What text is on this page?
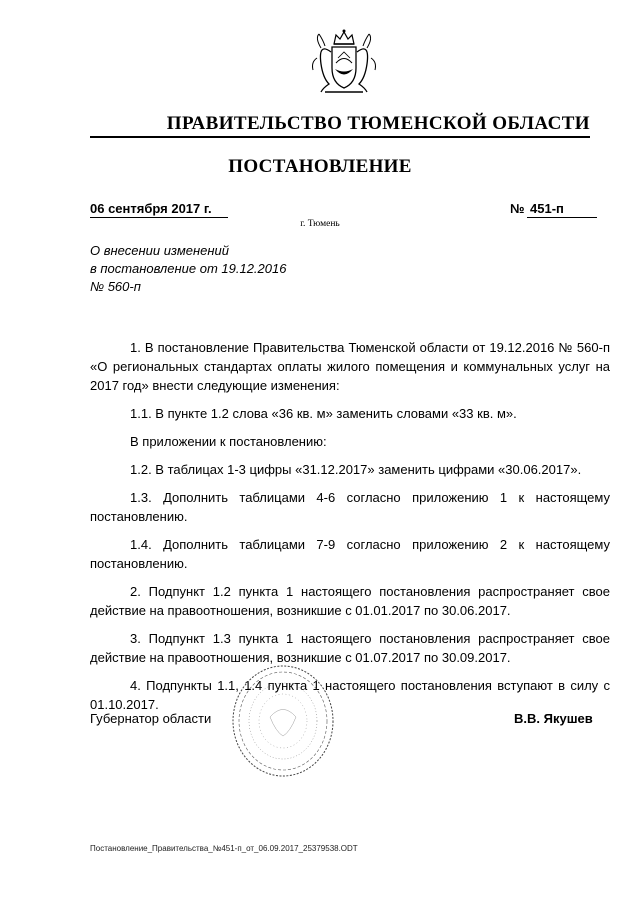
ПРАВИТЕЛЬСТВО ТЮМЕНСКОЙ ОБЛАСТИ
ПОСТАНОВЛЕНИЕ
06 сентября 2017 г.	№ 451-п
г. Тюмень
О внесении изменений
в постановление от 19.12.2016
№ 560-п

1. В постановление Правительства Тюменской области от 19.12.2016 № 560-п «О региональных стандартах оплаты жилого помещения и коммунальных услуг на 2017 год» внести следующие изменения:

1.1. В пункте 1.2 слова «36 кв. м» заменить словами «33 кв. м».

В приложении к постановлению:

1.2. В таблицах 1-3 цифры «31.12.2017» заменить цифрами «30.06.2017».

1.3. Дополнить таблицами 4-6 согласно приложению 1 к настоящему постановлению.

1.4. Дополнить таблицами 7-9 согласно приложению 2 к настоящему постановлению.

2. Подпункт 1.2 пункта 1 настоящего постановления распространяет свое действие на правоотношения, возникшие с 01.01.2017 по 30.06.2017.

3. Подпункт 1.3 пункта 1 настоящего постановления распространяет свое действие на правоотношения, возникшие с 01.07.2017 по 30.09.2017.

4. Подпункты 1.1, 1.4 пункта 1 настоящего постановления вступают в силу с 01.10.2017.

Губернатор области	В.В. Якушев
Постановление_Правительства_№451-п_от_06.09.2017_25379538.ODT
